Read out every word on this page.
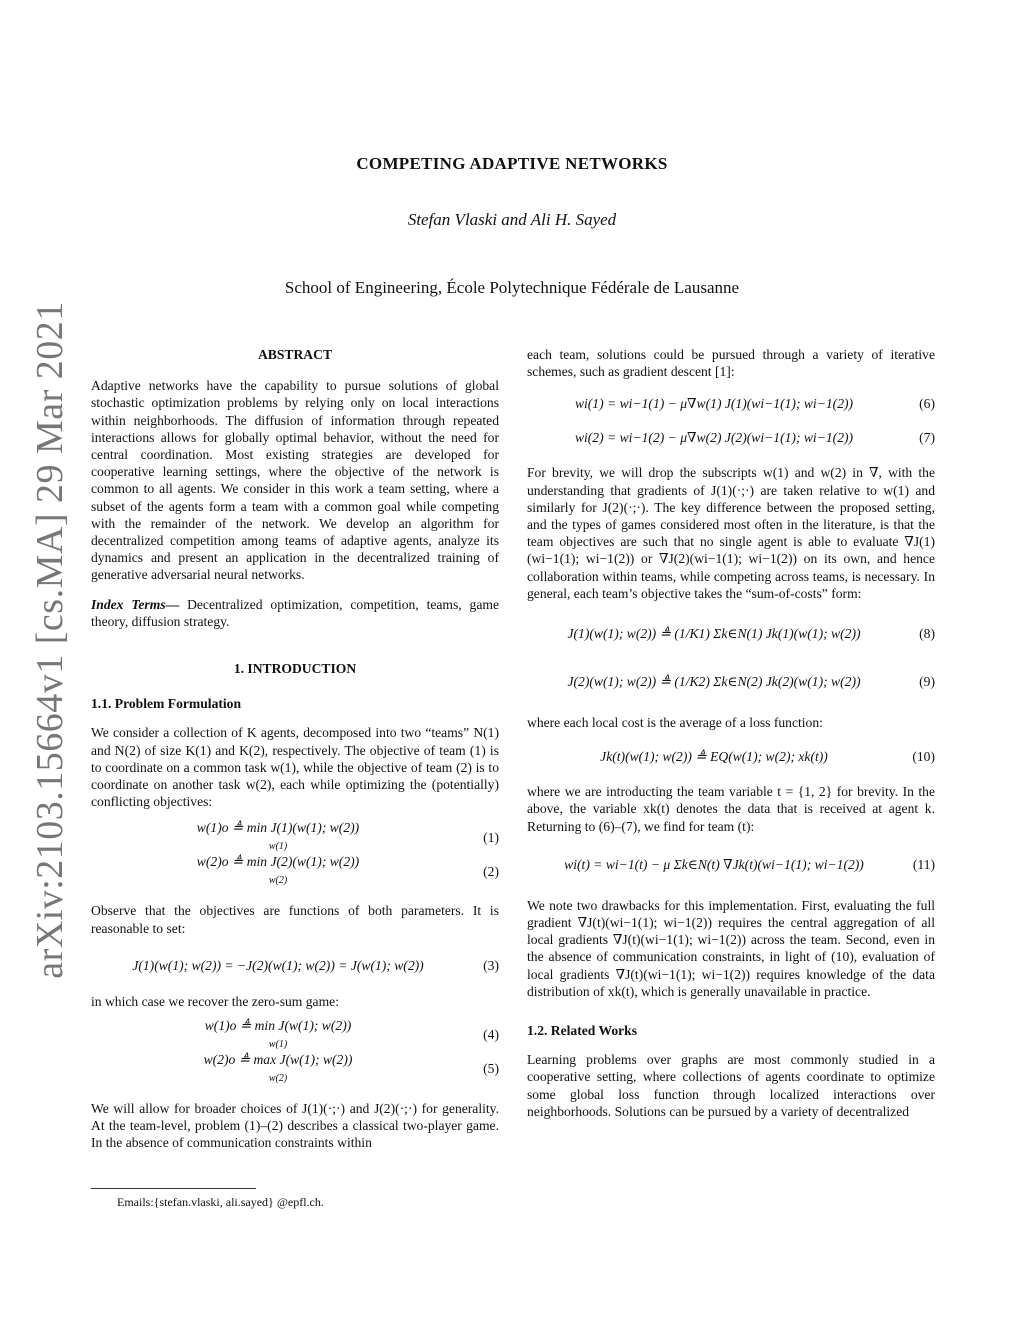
arXiv:2103.15664v1 [cs.MA] 29 Mar 2021
COMPETING ADAPTIVE NETWORKS
Stefan Vlaski and Ali H. Sayed
School of Engineering, École Polytechnique Fédérale de Lausanne
ABSTRACT

Adaptive networks have the capability to pursue solutions of global stochastic optimization problems by relying only on local interactions within neighborhoods. The diffusion of information through repeated interactions allows for globally optimal behavior, without the need for central coordination. Most existing strategies are developed for cooperative learning settings, where the objective of the network is common to all agents. We consider in this work a team setting, where a subset of the agents form a team with a common goal while competing with the remainder of the network. We develop an algorithm for decentralized competition among teams of adaptive agents, analyze its dynamics and present an application in the decentralized training of generative adversarial neural networks.

Index Terms— Decentralized optimization, competition, teams, game theory, diffusion strategy.

1. INTRODUCTION
1.1. Problem Formulation

We consider a collection of K agents, decomposed into two “teams” N(1) and N(2) of size K(1) and K(2), respectively. The objective of team (1) is to coordinate on a common task w(1), while the objective of team (2) is to coordinate on another task w(2), each while optimizing the (potentially) conflicting objectives:

w(1)o ≜ min J(1)(w(1); w(2))
w(1)
(1)
w(2)o ≜ min J(2)(w(1); w(2))
w(2)
(2)

Observe that the objectives are functions of both parameters. It is reasonable to set:

J(1)(w(1); w(2)) = −J(2)(w(1); w(2)) = J(w(1); w(2))	(3)

in which case we recover the zero-sum game:

w(1)o ≜ min J(w(1); w(2))
w(1)
(4)
w(2)o ≜ max J(w(1); w(2))
w(2)
(5)

We will allow for broader choices of J(1)(·;·) and J(2)(·;·) for generality. At the team-level, problem (1)–(2) describes a classical two-player game. In the absence of communication constraints within

each team, solutions could be pursued through a variety of iterative schemes, such as gradient descent [1]:

wi(1) = wi−1(1) − μ∇w(1) J(1)(wi−1(1); wi−1(2))	(6)
wi(2) = wi−1(2) − μ∇w(2) J(2)(wi−1(1); wi−1(2))	(7)

For brevity, we will drop the subscripts w(1) and w(2) in ∇, with the understanding that gradients of J(1)(·;·) are taken relative to w(1) and similarly for J(2)(·;·). The key difference between the proposed setting, and the types of games considered most often in the literature, is that the team objectives are such that no single agent is able to evaluate ∇J(1)(wi−1(1); wi−1(2)) or ∇J(2)(wi−1(1); wi−1(2)) on its own, and hence collaboration within teams, while competing across teams, is necessary. In general, each team’s objective takes the “sum-of-costs” form:

J(1)(w(1); w(2)) ≜ (1/K1) Σk∈N(1) Jk(1)(w(1); w(2))	(8)
J(2)(w(1); w(2)) ≜ (1/K2) Σk∈N(2) Jk(2)(w(1); w(2))	(9)

where each local cost is the average of a loss function:

Jk(t)(w(1); w(2)) ≜ EQ(w(1); w(2); xk(t))	(10)

where we are introducting the team variable t = {1, 2} for brevity. In the above, the variable xk(t) denotes the data that is received at agent k. Returning to (6)–(7), we find for team (t):

wi(t) = wi−1(t) − μ Σk∈N(t) ∇Jk(t)(wi−1(1); wi−1(2))	(11)

We note two drawbacks for this implementation. First, evaluating the full gradient ∇J(t)(wi−1(1); wi−1(2)) requires the central aggregation of all local gradients ∇J(t)(wi−1(1); wi−1(2)) across the team. Second, even in the absence of communication constraints, in light of (10), evaluation of local gradients ∇J(t)(wi−1(1); wi−1(2)) requires knowledge of the data distribution of xk(t), which is generally unavailable in practice.

1.2. Related Works

Learning problems over graphs are most commonly studied in a cooperative setting, where collections of agents coordinate to optimize some global loss function through localized interactions over neighborhoods. Solutions can be pursued by a variety of decentralized

Emails:{stefan.vlaski, ali.sayed} @epfl.ch.
